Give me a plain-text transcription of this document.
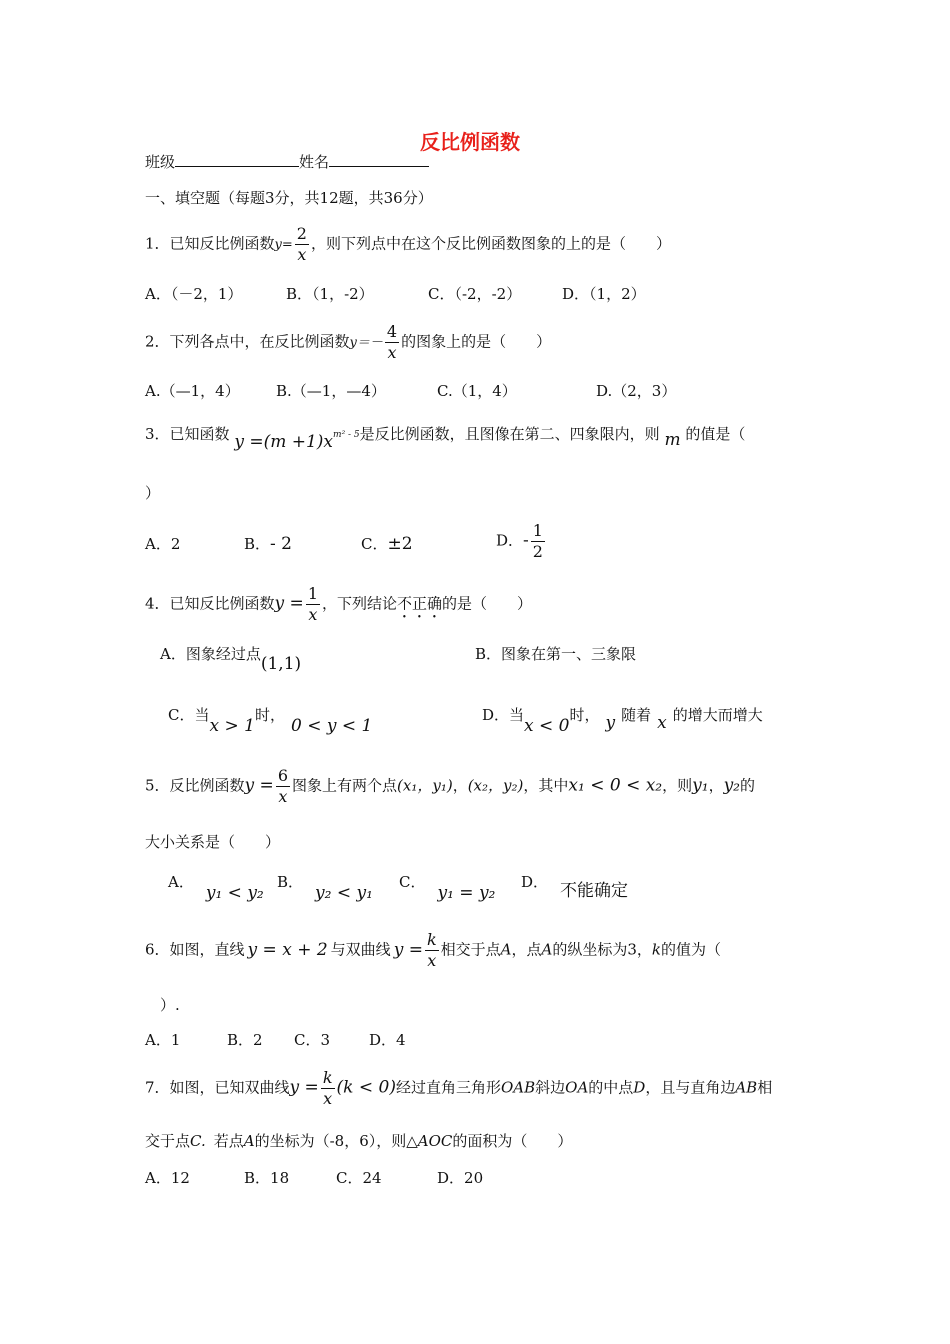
反比例函数
班级	姓名
一、填空题（每题3分，共12题，共36分）
1．已知反比例函数$y= \frac{2}{x}$ ，则下列点中在这个反比例函数图象的上的是（　　）
A．（－2，1）	B．（1，-2）	C．（-2，-2）	D．（1，2）
2．下列各点中，在反比例函数$y=- \frac{4}{x}$ 的图象上的是（　　）
A.（—1，4） B.（—1，—4）	C.（1，4）	D.（2，3）
3．已知函数 y =(m +1)xm² - 5是反比例函数，且图像在第二、四象限内，则 m 的值是（
）
A．2	B．- 2	C．±2	D．- $\frac{1}{2}$
4．已知反比例函数$y = \frac{1}{x}$ ，下列结论不正确的是（　　）
A．图象经过点(1,1)	B．图象在第一、三象限
C．当x > 1时，0 < y < 1
D．当x < 0时， y 随着 x 的增大而增大
5．反比例函数$y = \frac{6}{x}$ 图象上有两个点(x₁，y₁)，(x₂，y₂)，其中x₁ < 0 < x₂，则y₁，y₂的
大小关系是（　　）
A．y₁ < y₂
B．y₂ < y₁
C．y₁ = y₂
D． 不能确定
6．如图，直线 y = x + 2 与双曲线 $y = \frac{k}{x}$ 相交于点A，点A的纵坐标为3，k的值为（
）.
A．1	B．2 C．3	D．4
7．如图，已知双曲线$y = \frac{k}{x} (k < 0)$经过直角三角形OAB斜边OA的中点D，且与直角边AB相
交于点C. 若点A的坐标为（-8，6），则△AOC的面积为（　　）
A．12	B．18	C．24	D．20
